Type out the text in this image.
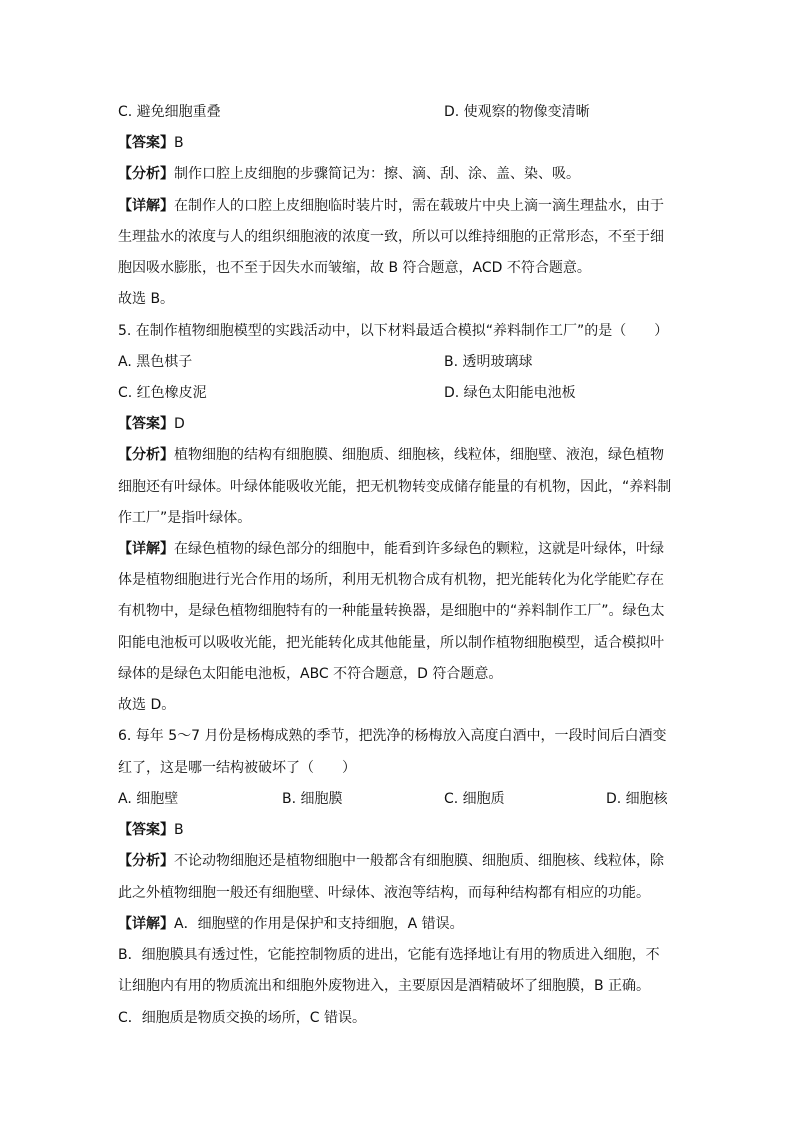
C. 避免细胞重叠	D. 使观察的物像变清晰
【答案】B
【分析】制作口腔上皮细胞的步骤简记为：擦、滴、刮、涂、盖、染、吸。
【详解】在制作人的口腔上皮细胞临时装片时，需在载玻片中央上滴一滴生理盐水，由于
生理盐水的浓度与人的组织细胞液的浓度一致，所以可以维持细胞的正常形态，不至于细
胞因吸水膨胀，也不至于因失水而皱缩，故 B 符合题意，ACD 不符合题意。
故选 B。
5. 在制作植物细胞模型的实践活动中，以下材料最适合模拟“养料制作工厂”的是（　　）
A. 黑色棋子	B. 透明玻璃球
C. 红色橡皮泥	D. 绿色太阳能电池板
【答案】D
【分析】植物细胞的结构有细胞膜、细胞质、细胞核，线粒体，细胞壁、液泡，绿色植物
细胞还有叶绿体。叶绿体能吸收光能，把无机物转变成储存能量的有机物，因此，“养料制
作工厂”是指叶绿体。
【详解】在绿色植物的绿色部分的细胞中，能看到许多绿色的颗粒，这就是叶绿体，叶绿
体是植物细胞进行光合作用的场所，利用无机物合成有机物，把光能转化为化学能贮存在
有机物中，是绿色植物细胞特有的一种能量转换器，是细胞中的“养料制作工厂”。绿色太
阳能电池板可以吸收光能，把光能转化成其他能量，所以制作植物细胞模型，适合模拟叶
绿体的是绿色太阳能电池板，ABC 不符合题意，D 符合题意。
故选 D。
6. 每年 5～7 月份是杨梅成熟的季节，把洗净的杨梅放入高度白酒中，一段时间后白酒变
红了，这是哪一结构被破坏了（　　）
A. 细胞壁	B. 细胞膜	C. 细胞质	D. 细胞核
【答案】B
【分析】不论动物细胞还是植物细胞中一般都含有细胞膜、细胞质、细胞核、线粒体，除
此之外植物细胞一般还有细胞壁、叶绿体、液泡等结构，而每种结构都有相应的功能。
【详解】A．细胞壁的作用是保护和支持细胞，A 错误。
B．细胞膜具有透过性，它能控制物质的进出，它能有选择地让有用的物质进入细胞，不
让细胞内有用的物质流出和细胞外废物进入，主要原因是酒精破坏了细胞膜，B 正确。
C．细胞质是物质交换的场所，C 错误。
